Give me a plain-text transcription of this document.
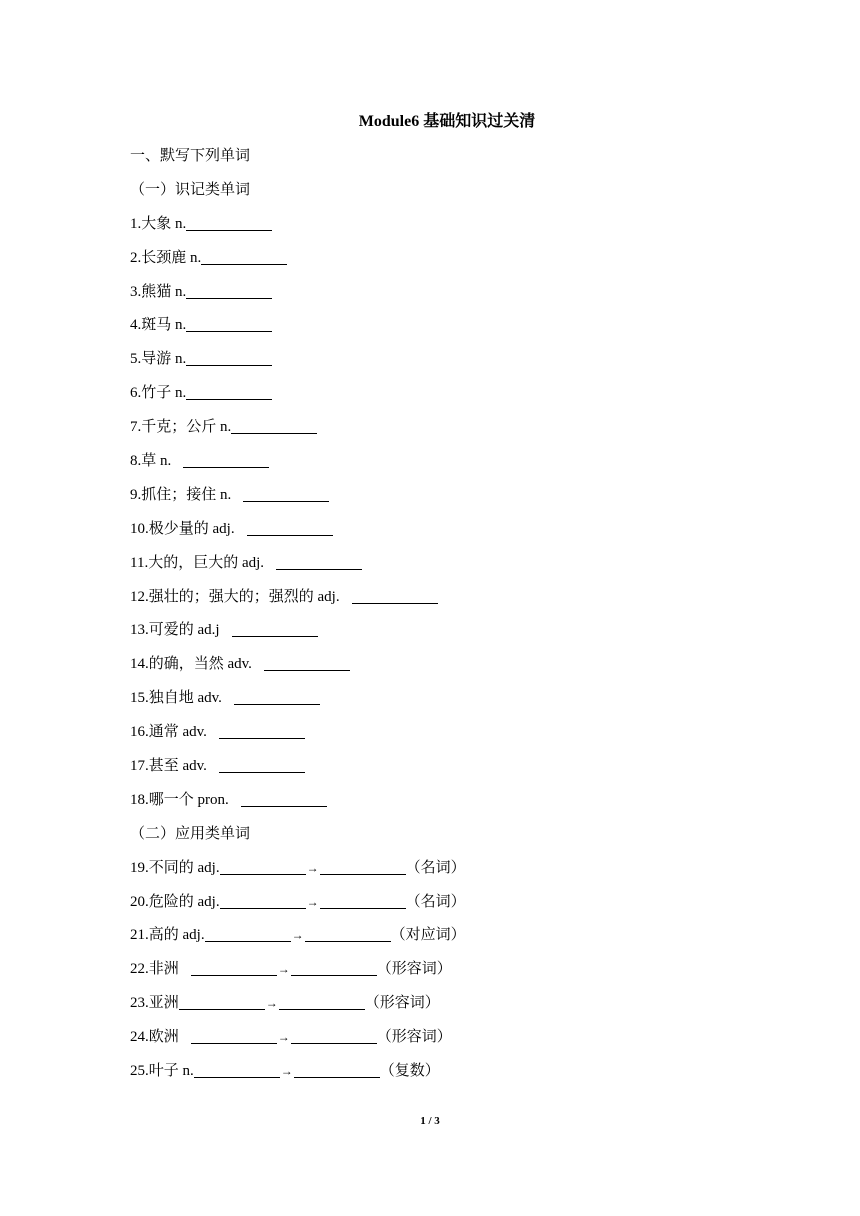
Module6 基础知识过关清
一、默写下列单词
（一）识记类单词
1.大象 n.
2.长颈鹿 n.
3.熊猫 n.
4.斑马 n.
5.导游 n.
6.竹子 n.
7.千克；公斤 n.
8.草 n.
9.抓住；接住 n.
10.极少量的 adj.
11.大的，巨大的 adj.
12.强壮的；强大的；强烈的 adj.
13.可爱的 ad.j
14.的确，当然 adv.
15.独自地 adv.
16.通常 adv.
17.甚至 adv.
18.哪一个 pron.
（二）应用类单词
19.不同的 adj.	→	（名词）
20.危险的 adj.	→	（名词）
21.高的 adj.	→	（对应词）
22.非洲	→	（形容词）
23.亚洲	→	（形容词）
24.欧洲	→	（形容词）
25.叶子 n.	→	（复数）
1 / 3
